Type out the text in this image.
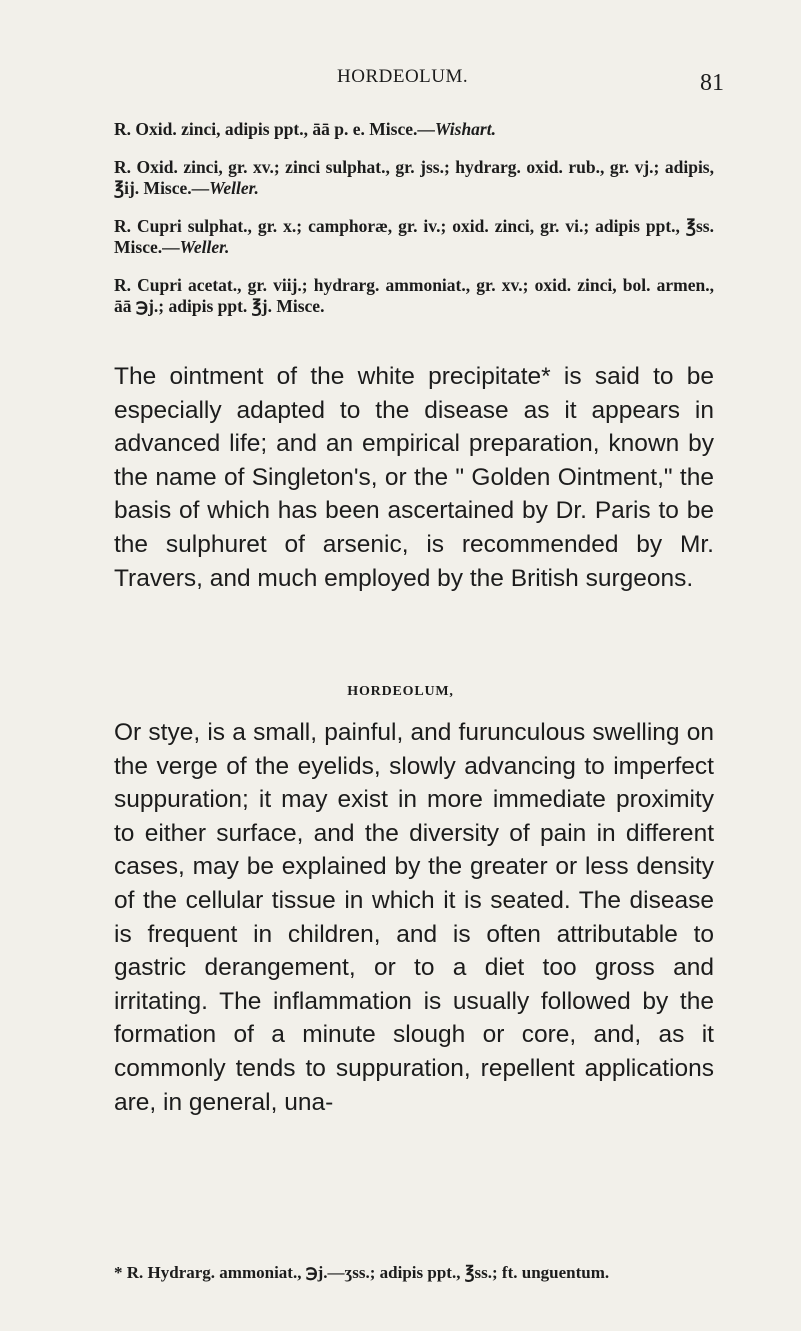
HORDEOLUM.	81

R. Oxid. zinci, adipis ppt., āā p. e. Misce.—Wishart.

R. Oxid. zinci, gr. xv.; zinci sulphat., gr. jss.; hydrarg. oxid. rub., gr. vj.; adipis, ℥ij. Misce.—Weller.

R. Cupri sulphat., gr. x.; camphoræ, gr. iv.; oxid. zinci, gr. vi.; adipis ppt., ℥ss. Misce.—Weller.

R. Cupri acetat., gr. viij.; hydrarg. ammoniat., gr. xv.; oxid. zinci, bol. armen., āā ℈j.; adipis ppt. ℥j. Misce.

The ointment of the white precipitate* is said to be especially adapted to the disease as it appears in advanced life; and an empirical preparation, known by the name of Singleton's, or the " Golden Ointment," the basis of which has been ascertained by Dr. Paris to be the sulphuret of arsenic, is recommended by Mr. Travers, and much employed by the British surgeons.

HORDEOLUM,

Or stye, is a small, painful, and furunculous swelling on the verge of the eyelids, slowly advancing to imperfect suppuration; it may exist in more immediate proximity to either surface, and the diversity of pain in different cases, may be explained by the greater or less density of the cellular tissue in which it is seated. The disease is frequent in children, and is often attributable to gastric derangement, or to a diet too gross and irritating. The inflammation is usually followed by the formation of a minute slough or core, and, as it commonly tends to suppuration, repellent applications are, in general, una-

* R. Hydrarg. ammoniat., ℈j.—ʒss.; adipis ppt., ℥ss.; ft. unguentum.
